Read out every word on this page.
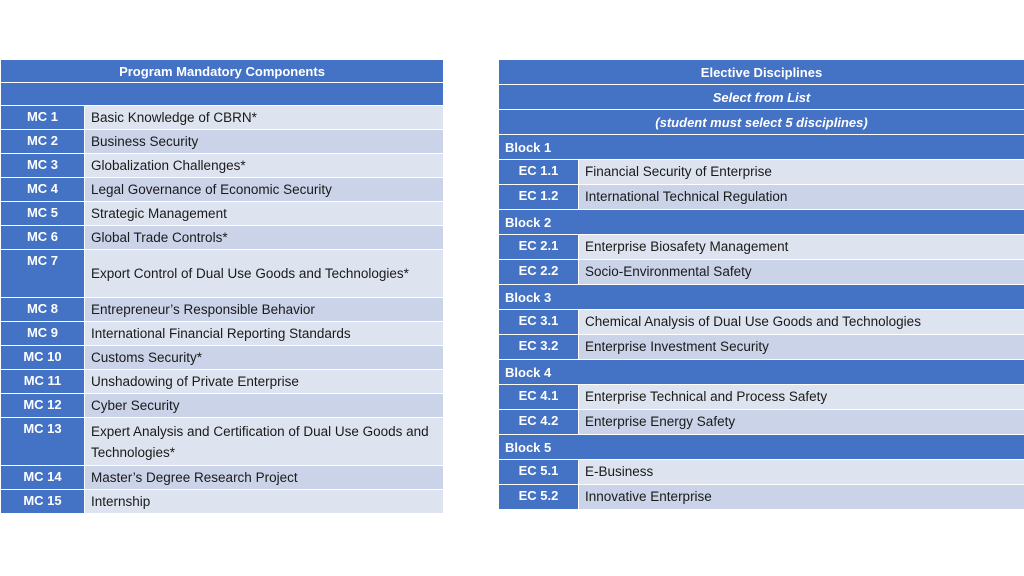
Program Mandatory Components	

MC 1	Basic Knowledge of CBRN*
MC 2	Business Security
MC 3	Globalization Challenges*
MC 4	Legal Governance of Economic Security
MC 5	Strategic Management
MC 6	Global Trade Controls*
MC 7	Export Control of Dual Use Goods and Technologies*
MC 8	Entrepreneur’s Responsible Behavior
MC 9	International Financial Reporting Standards
MC 10	Customs Security*
MC 11	Unshadowing of Private Enterprise
MC 12	Cyber Security
MC 13	Expert Analysis and Certification of Dual Use Goods and Technologies*
MC 14	Master’s Degree Research Project
MC 15	Internship
Elective Disciplines	
Select from List	
(student must select 5 disciplines)	
Block 1	
EC 1.1	Financial Security of Enterprise
EC 1.2	International Technical Regulation
Block 2	
EC 2.1	Enterprise Biosafety Management
EC 2.2	Socio-Environmental Safety
Block 3	
EC 3.1	Chemical Analysis of Dual Use Goods and Technologies
EC 3.2	Enterprise Investment Security
Block 4	
EC 4.1	Enterprise Technical and Process Safety
EC 4.2	Enterprise Energy Safety
Block 5	
EC 5.1	E-Business
EC 5.2	Innovative Enterprise
